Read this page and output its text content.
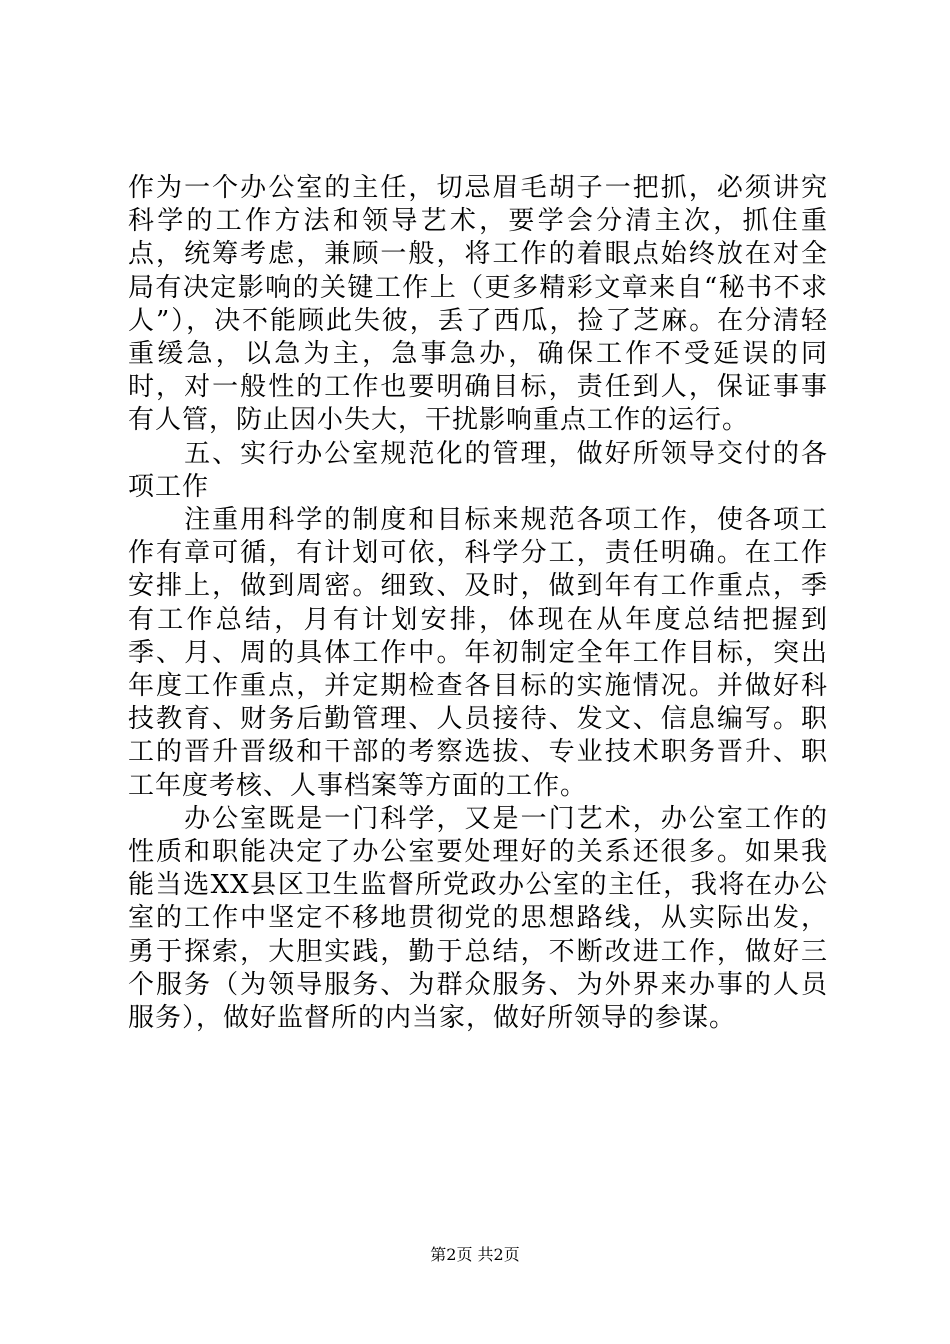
作为一个办公室的主任，切忌眉毛胡子一把抓，必须讲究科学的工作方法和领导艺术，要学会分清主次，抓住重点，统筹考虑，兼顾一般，将工作的着眼点始终放在对全局有决定影响的关键工作上（更多精彩文章来自“秘书不求人”），决不能顾此失彼，丢了西瓜，捡了芝麻。在分清轻重缓急，以急为主，急事急办，确保工作不受延误的同时，对一般性的工作也要明确目标，责任到人，保证事事有人管，防止因小失大，干扰影响重点工作的运行。

　　五、实行办公室规范化的管理，做好所领导交付的各项工作

　　注重用科学的制度和目标来规范各项工作，使各项工作有章可循，有计划可依，科学分工，责任明确。在工作安排上，做到周密。细致、及时，做到年有工作重点，季有工作总结，月有计划安排，体现在从年度总结把握到季、月、周的具体工作中。年初制定全年工作目标，突出年度工作重点，并定期检查各目标的实施情况。并做好科技教育、财务后勤管理、人员接待、发文、信息编写。职工的晋升晋级和干部的考察选拔、专业技术职务晋升、职工年度考核、人事档案等方面的工作。

　　办公室既是一门科学，又是一门艺术，办公室工作的性质和职能决定了办公室要处理好的关系还很多。如果我能当选XX县区卫生监督所党政办公室的主任，我将在办公室的工作中坚定不移地贯彻党的思想路线，从实际出发，勇于探索，大胆实践，勤于总结，不断改进工作，做好三个服务（为领导服务、为群众服务、为外界来办事的人员服务），做好监督所的内当家，做好所领导的参谋。

第2页 共2页
